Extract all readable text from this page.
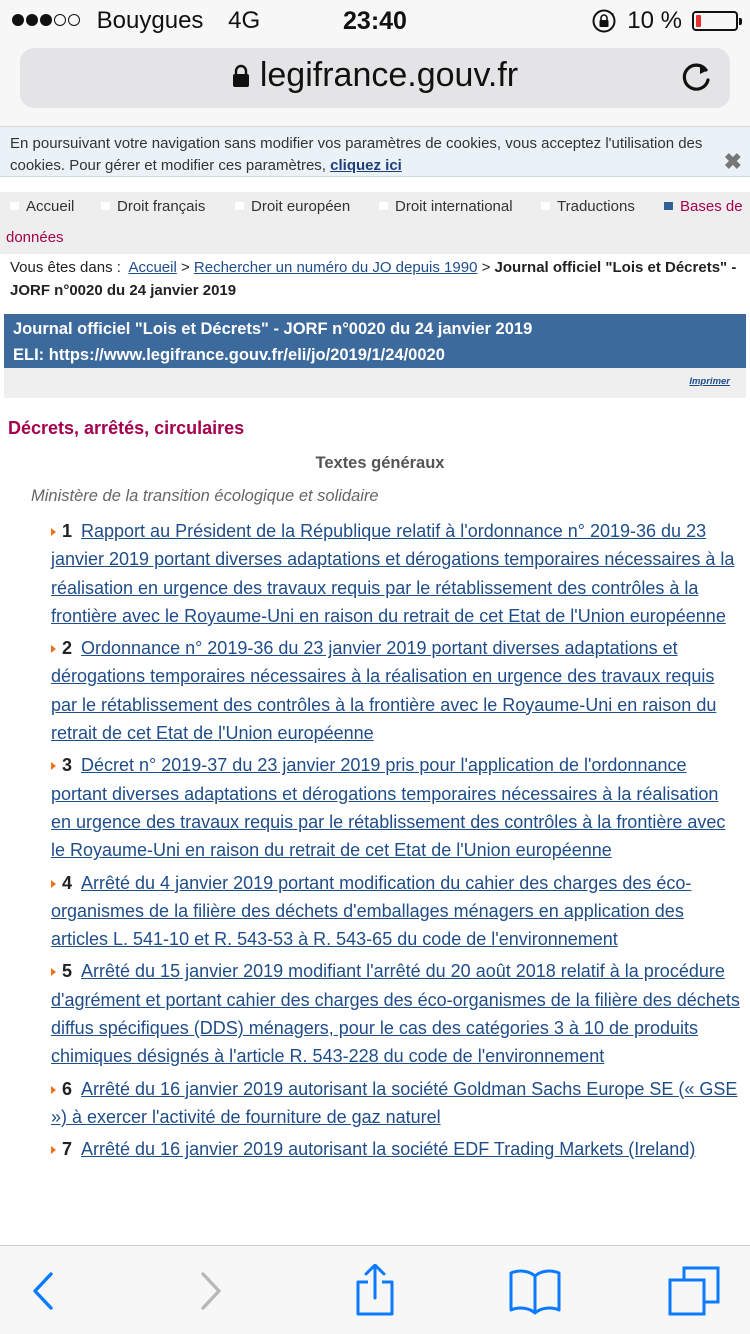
Bouygues 4G	23:40	10 %
legifrance.gouv.fr
En poursuivant votre navigation sans modifier vos paramètres de cookies, vous acceptez l'utilisation des cookies. Pour gérer et modifier ces paramètres, cliquez ici	✖
Accueil	Droit français	Droit européen	Droit international	Traductions	Bases de
données
Vous êtes dans : Accueil > Rechercher un numéro du JO depuis 1990 > Journal officiel "Lois et Décrets" - JORF n°0020 du 24 janvier 2019
Journal officiel "Lois et Décrets" - JORF n°0020 du 24 janvier 2019
ELI: https://www.legifrance.gouv.fr/eli/jo/2019/1/24/0020
Imprimer
Décrets, arrêtés, circulaires
Textes généraux
Ministère de la transition écologique et solidaire
1 Rapport au Président de la République relatif à l'ordonnance n° 2019-36 du 23 janvier 2019 portant diverses adaptations et dérogations temporaires nécessaires à la réalisation en urgence des travaux requis par le rétablissement des contrôles à la frontière avec le Royaume-Uni en raison du retrait de cet Etat de l'Union européenne
2 Ordonnance n° 2019-36 du 23 janvier 2019 portant diverses adaptations et dérogations temporaires nécessaires à la réalisation en urgence des travaux requis par le rétablissement des contrôles à la frontière avec le Royaume-Uni en raison du retrait de cet Etat de l'Union européenne
3 Décret n° 2019-37 du 23 janvier 2019 pris pour l'application de l'ordonnance portant diverses adaptations et dérogations temporaires nécessaires à la réalisation en urgence des travaux requis par le rétablissement des contrôles à la frontière avec le Royaume-Uni en raison du retrait de cet Etat de l'Union européenne
4 Arrêté du 4 janvier 2019 portant modification du cahier des charges des éco-organismes de la filière des déchets d'emballages ménagers en application des articles L. 541-10 et R. 543-53 à R. 543-65 du code de l'environnement
5 Arrêté du 15 janvier 2019 modifiant l'arrêté du 20 août 2018 relatif à la procédure d'agrément et portant cahier des charges des éco-organismes de la filière des déchets diffus spécifiques (DDS) ménagers, pour le cas des catégories 3 à 10 de produits chimiques désignés à l'article R. 543-228 du code de l'environnement
6 Arrêté du 16 janvier 2019 autorisant la société Goldman Sachs Europe SE (« GSE ») à exercer l'activité de fourniture de gaz naturel
7 Arrêté du 16 janvier 2019 autorisant la société EDF Trading Markets (Ireland)
